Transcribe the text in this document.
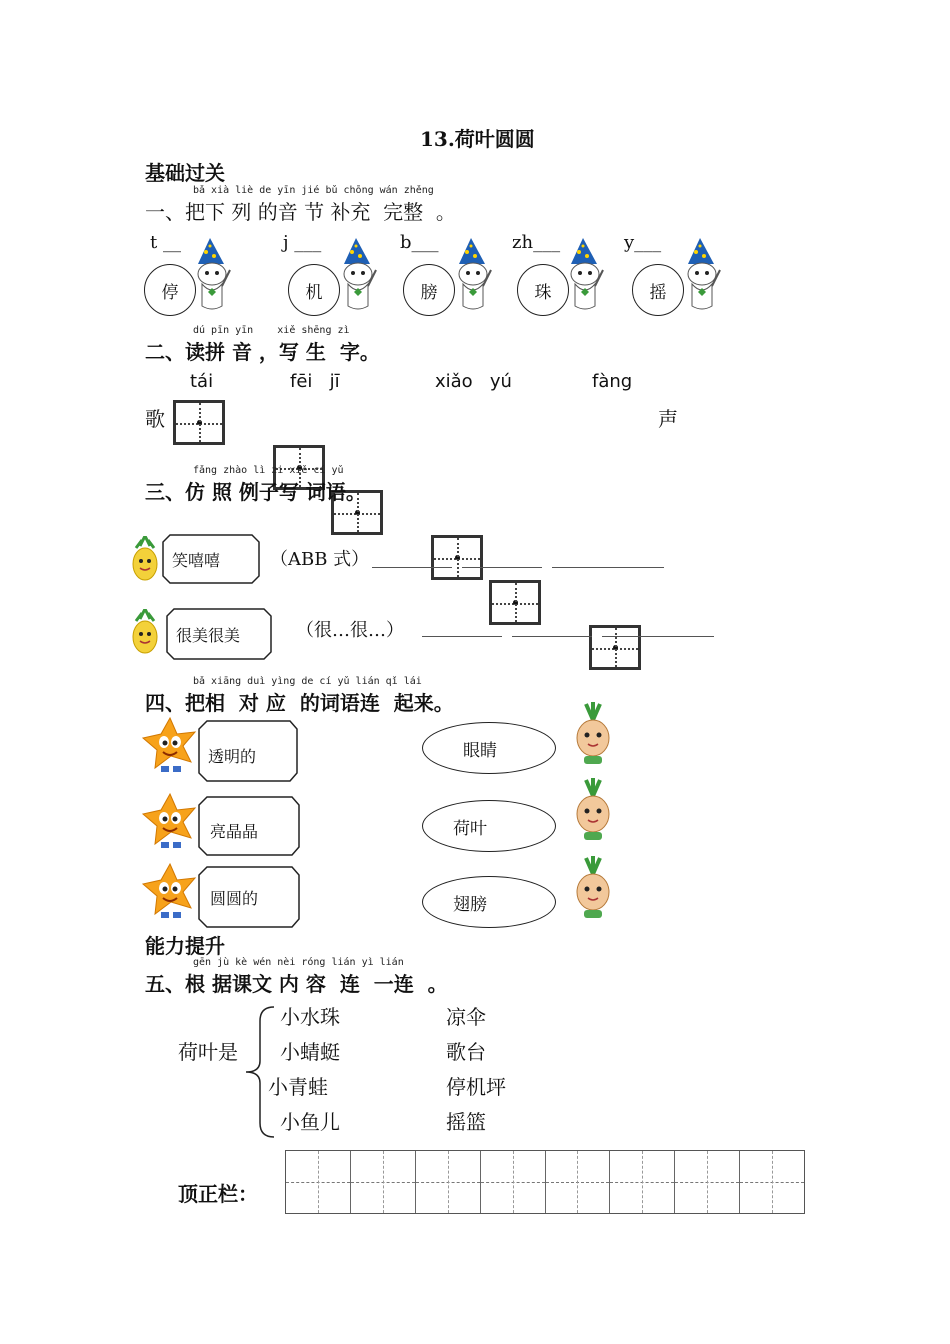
13.荷叶圆圆
基础过关
bǎ xià liè de yīn jié bǔ chōng wán zhěng
一、把下 列 的音 节 补充  完整  。
t __
停
j ___
机
b___
膀
zh___
珠
y___
摇
dú pīn yīn    xiě shēng zì
二、读拼 音 ，写 生  字。
tái	fēi   jī	xiǎo   yú	fàng
歌	声
fǎng zhào lì zi xiě cí yǔ
三、仿 照 例子写 词语。
笑嘻嘻	（ABB 式）
很美很美	（很…很…）
bǎ xiāng duì yìng de cí yǔ lián qǐ lái
四、把相  对 应  的词语连  起来。
透明的
亮晶晶
圆圆的
眼睛
荷叶
翅膀
能力提升
gēn jù kè wén nèi róng lián yì lián
五、根 据课文 内 容  连  一连  。
荷叶是
小水珠
小蜻蜓
小青蛙
小鱼儿
凉伞
歌台
停机坪
摇篮
顶正栏：
